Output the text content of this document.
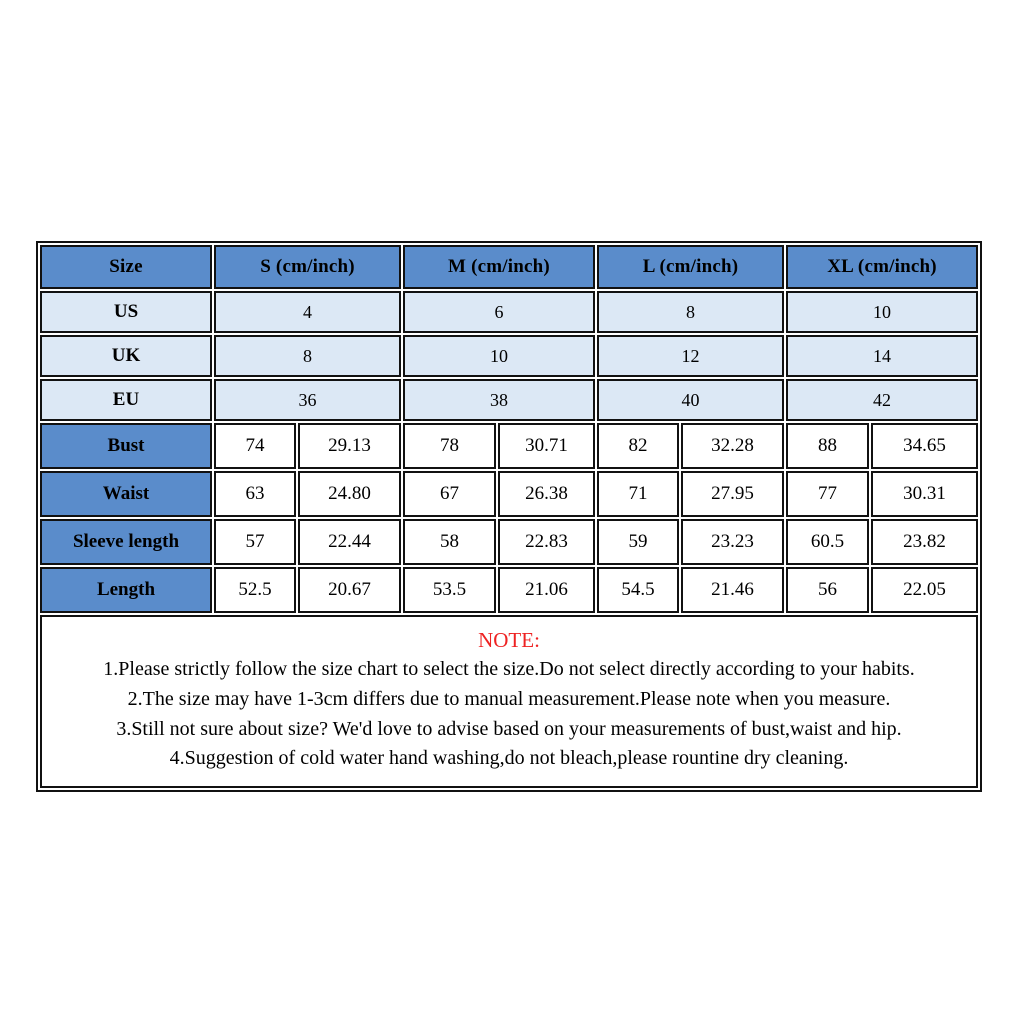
Size	S (cm/inch)		M (cm/inch)		L (cm/inch)		XL (cm/inch)	
US	4		6		8		10	
UK	8		10		12		14	
EU	36		38		40		42	
Bust	74	29.13	78	30.71	82	32.28	88	34.65
Waist	63	24.80	67	26.38	71	27.95	77	30.31
Sleeve length	57	22.44	58	22.83	59	23.23	60.5	23.82
Length	52.5	20.67	53.5	21.06	54.5	21.46	56	22.05

NOTE:
1.Please strictly follow the size chart to select the size.Do not select directly according to your habits.
2.The size may have 1-3cm differs due to manual measurement.Please note when you measure.
3.Still not sure about size? We'd love to advise based on your measurements of bust,waist and hip.
4.Suggestion of cold water hand washing,do not bleach,please rountine dry cleaning.								
